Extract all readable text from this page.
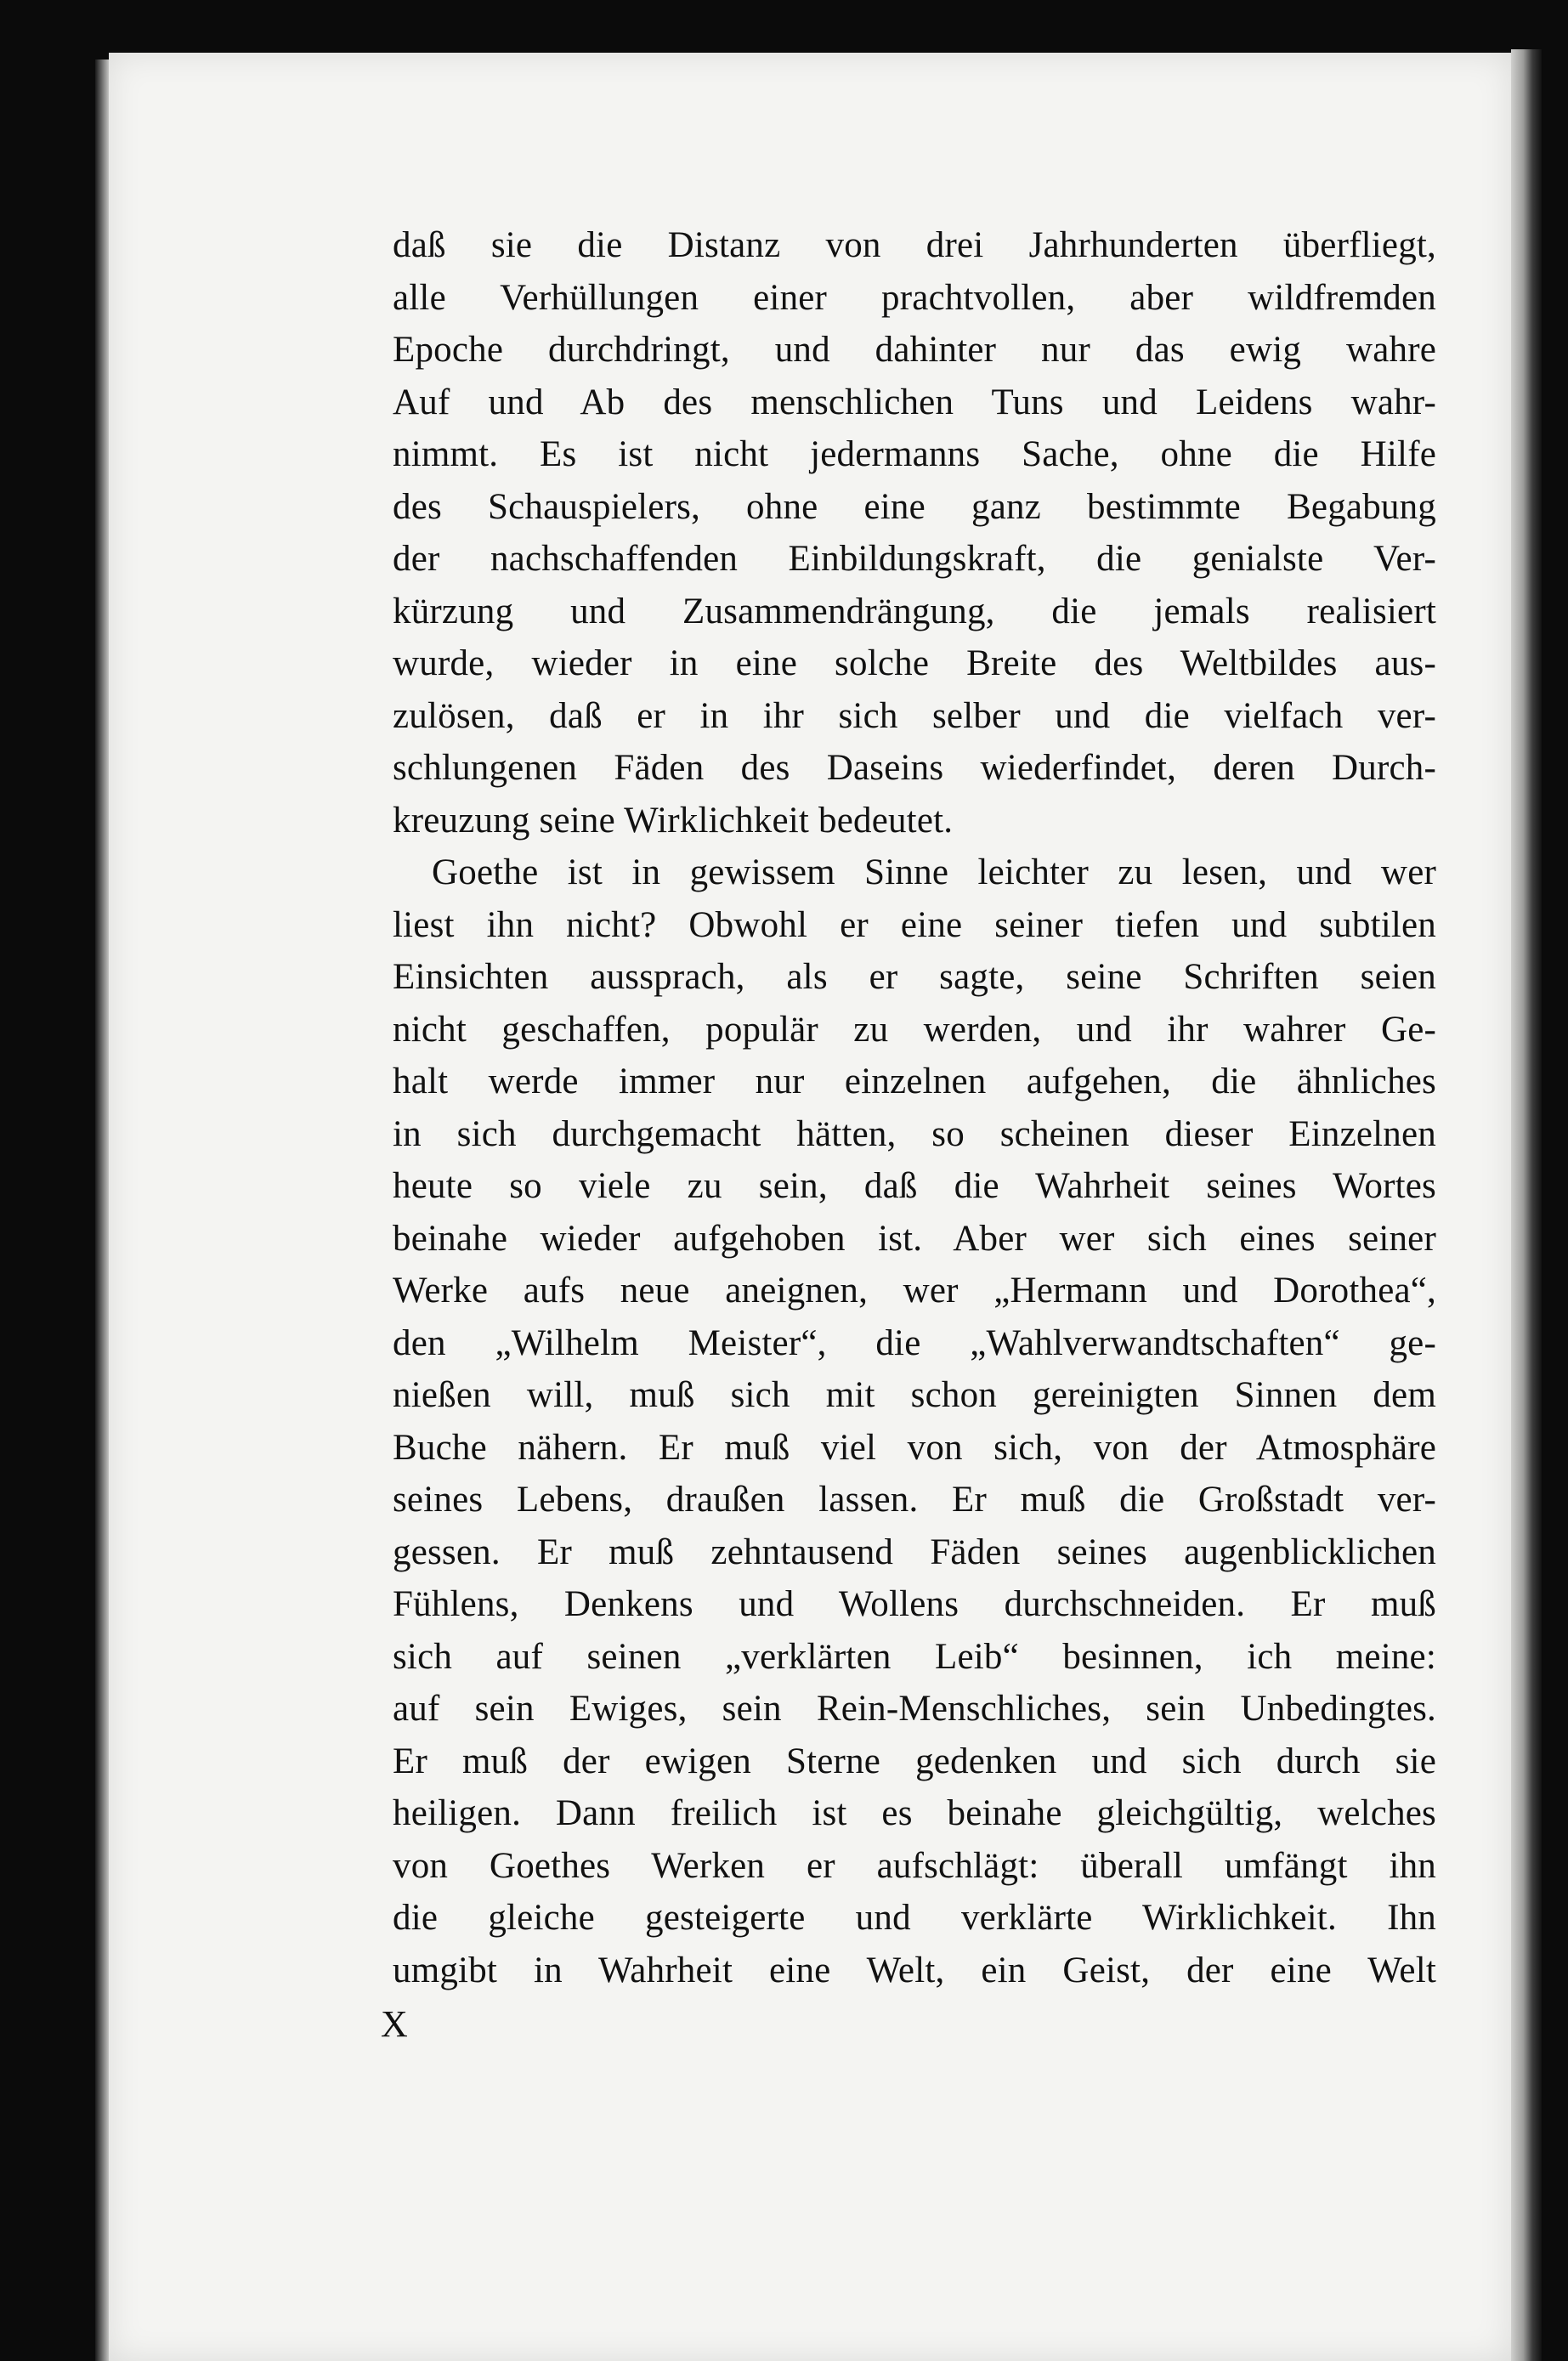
daß sie die Distanz von drei Jahrhunderten überfliegt,
alle Verhüllungen einer prachtvollen, aber wildfremden
Epoche durchdringt, und dahinter nur das ewig wahre
Auf und Ab des menschlichen Tuns und Leidens wahr-
nimmt. Es ist nicht jedermanns Sache, ohne die Hilfe
des Schauspielers, ohne eine ganz bestimmte Begabung
der nachschaffenden Einbildungskraft, die genialste Ver-
kürzung und Zusammendrängung, die jemals realisiert
wurde, wieder in eine solche Breite des Weltbildes aus-
zulösen, daß er in ihr sich selber und die vielfach ver-
schlungenen Fäden des Daseins wiederfindet, deren Durch-
kreuzung seine Wirklichkeit bedeutet.
Goethe ist in gewissem Sinne leichter zu lesen, und wer
liest ihn nicht? Obwohl er eine seiner tiefen und subtilen
Einsichten aussprach, als er sagte, seine Schriften seien
nicht geschaffen, populär zu werden, und ihr wahrer Ge-
halt werde immer nur einzelnen aufgehen, die ähnliches
in sich durchgemacht hätten, so scheinen dieser Einzelnen
heute so viele zu sein, daß die Wahrheit seines Wortes
beinahe wieder aufgehoben ist. Aber wer sich eines seiner
Werke aufs neue aneignen, wer „Hermann und Dorothea“,
den „Wilhelm Meister“, die „Wahlverwandtschaften“ ge-
nießen will, muß sich mit schon gereinigten Sinnen dem
Buche nähern. Er muß viel von sich, von der Atmosphäre
seines Lebens, draußen lassen. Er muß die Großstadt ver-
gessen. Er muß zehntausend Fäden seines augenblicklichen
Fühlens, Denkens und Wollens durchschneiden. Er muß
sich auf seinen „verklärten Leib“ besinnen, ich meine:
auf sein Ewiges, sein Rein-Menschliches, sein Unbedingtes.
Er muß der ewigen Sterne gedenken und sich durch sie
heiligen. Dann freilich ist es beinahe gleichgültig, welches
von Goethes Werken er aufschlägt: überall umfängt ihn
die gleiche gesteigerte und verklärte Wirklichkeit. Ihn
umgibt in Wahrheit eine Welt, ein Geist, der eine Welt
X
